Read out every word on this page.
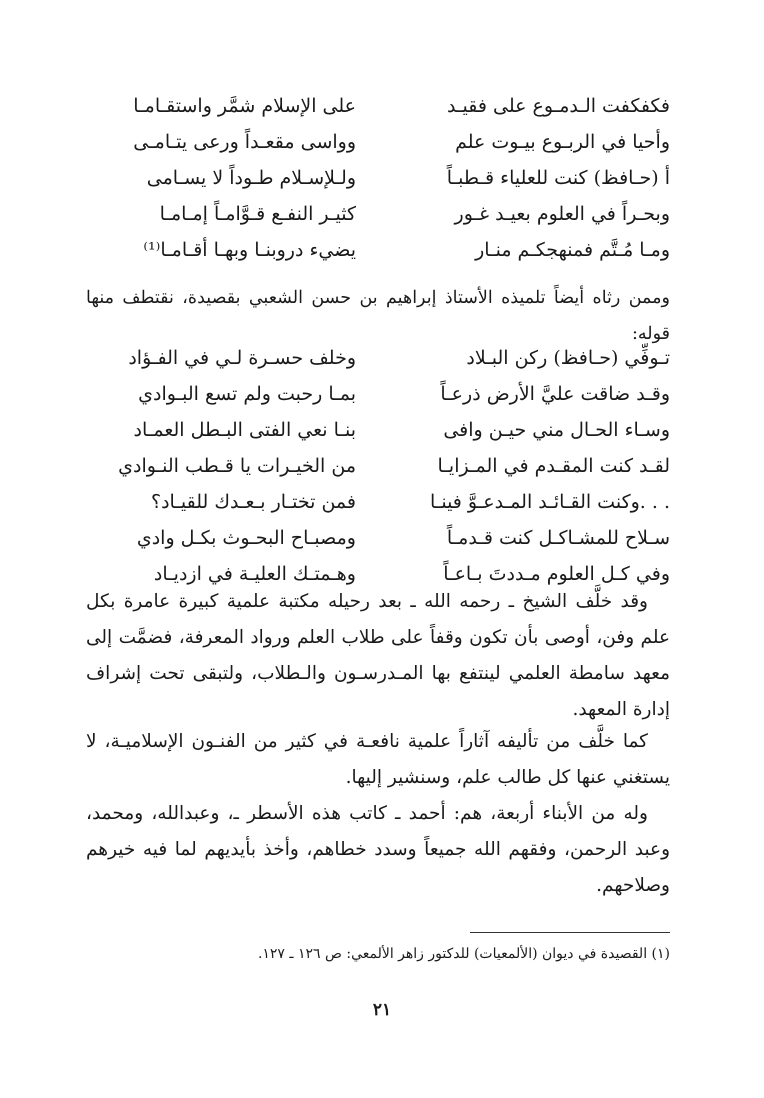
فكفكفت الـدمـوع على فقيـد
على الإسلام شمَّر واستقـامـا
وأحيا في الربـوع بيـوت علم
وواسى مقعـداً ورعى يتـامـى
أ (حـافظ) كنت للعلياء قـطبـاً
ولـلإسـلام طـوداً لا يسـامى
وبحـراً في العلوم بعيـد غـور
كثيـر النفـع قـوَّامـاً إمـامـا
ومـا مُـتَّم فمنهجكـم منـار
يضيء دروبنـا وبهـا أقـامـا⁽¹⁾

وممن رثاه أيضاً تلميذه الأستاذ إبراهيم بن حسن الشعبي بقصيدة، نقتطف منها قوله:

تـوفِّي (حـافظ) ركن البـلاد
وخلف حسـرة لـي في الفـؤاد
وقـد ضاقت عليَّ الأرض ذرعـاً
بمـا رحبت ولم تسع البـوادي
وسـاء الحـال مني حيـن وافى
بنـا نعي الفتى البـطل العمـاد
لقـد كنت المقـدم في المـزايـا
من الخيـرات يا قـطب النـوادي
. . .وكنت القـائـد المـدعـوَّ فينـا
فمن تختـار بـعـدك للقيـاد؟
سـلاح للمشـاكـل كنت قـدمـاً
ومصبـاح البحـوث بكـل وادي
وفي كـل العلوم مـددتَ بـاعـاً
وهـمتـك العليـة في ازديـاد

وقد خلَّف الشيخ ـ رحمه الله ـ بعد رحيله مكتبة علمية كبيرة عامرة بكل علم وفن، أوصى بأن تكون وقفاً على طلاب العلم ورواد المعرفة، فضمَّت إلى معهد سامطة العلمي لينتفع بها المـدرسـون والـطلاب، ولتبقى تحت إشراف إدارة المعهد.

كما خلَّف من تأليفه آثاراً علمية نافعـة في كثير من الفنـون الإسلاميـة، لا يستغني عنها كل طالب علم، وسنشير إليها.

وله من الأبناء أربعة، هم: أحمد ـ كاتب هذه الأسطر ـ، وعبدالله، ومحمد، وعبد الرحمن، وفقهم الله جميعاً وسدد خطاهم، وأخذ بأيديهم لما فيه خيرهم وصلاحهم.

(١) القصيدة في ديوان (الألمعيات) للدكتور زاهر الألمعي: ص ١٢٦ ـ ١٢٧.
٢١
